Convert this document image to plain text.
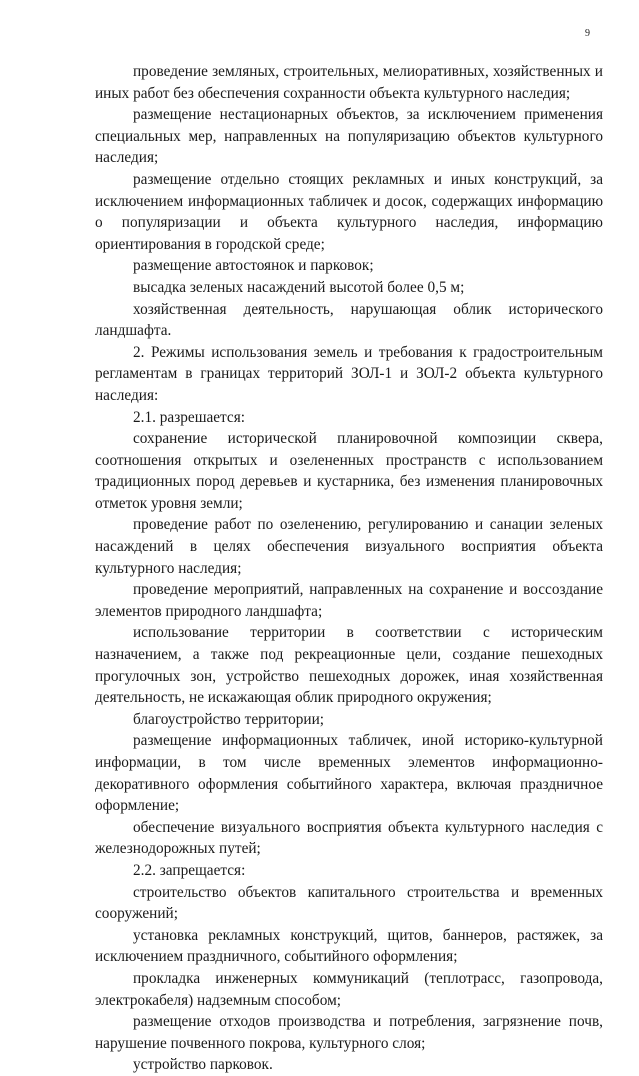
9

проведение земляных, строительных, мелиоративных, хозяйственных и иных работ без обеспечения сохранности объекта культурного наследия;

размещение нестационарных объектов, за исключением применения специальных мер, направленных на популяризацию объектов культурного наследия;

размещение отдельно стоящих рекламных и иных конструкций, за исключением информационных табличек и досок, содержащих информацию о популяризации и объекта культурного наследия, информацию ориентирования в городской среде;

размещение автостоянок и парковок;

высадка зеленых насаждений высотой более 0,5 м;

хозяйственная деятельность, нарушающая облик исторического ландшафта.

2. Режимы использования земель и требования к градостроительным регламентам в границах территорий ЗОЛ-1 и ЗОЛ-2 объекта культурного наследия:

2.1. разрешается:

сохранение исторической планировочной композиции сквера, соотношения открытых и озелененных пространств с использованием традиционных пород деревьев и кустарника, без изменения планировочных отметок уровня земли;

проведение работ по озеленению, регулированию и санации зеленых насаждений в целях обеспечения визуального восприятия объекта культурного наследия;

проведение мероприятий, направленных на сохранение и воссоздание элементов природного ландшафта;

использование территории в соответствии с историческим назначением, а также под рекреационные цели, создание пешеходных прогулочных зон, устройство пешеходных дорожек, иная хозяйственная деятельность, не искажающая облик природного окружения;

благоустройство территории;

размещение информационных табличек, иной историко-культурной информации, в том числе временных элементов информационно-декоративного оформления событийного характера, включая праздничное оформление;

обеспечение визуального восприятия объекта культурного наследия с железнодорожных путей;

2.2. запрещается:

строительство объектов капитального строительства и временных сооружений;

установка рекламных конструкций, щитов, баннеров, растяжек, за исключением праздничного, событийного оформления;

прокладка инженерных коммуникаций (теплотрасс, газопровода, электрокабеля) надземным способом;

размещение отходов производства и потребления, загрязнение почв, нарушение почвенного покрова, культурного слоя;

устройство парковок.
